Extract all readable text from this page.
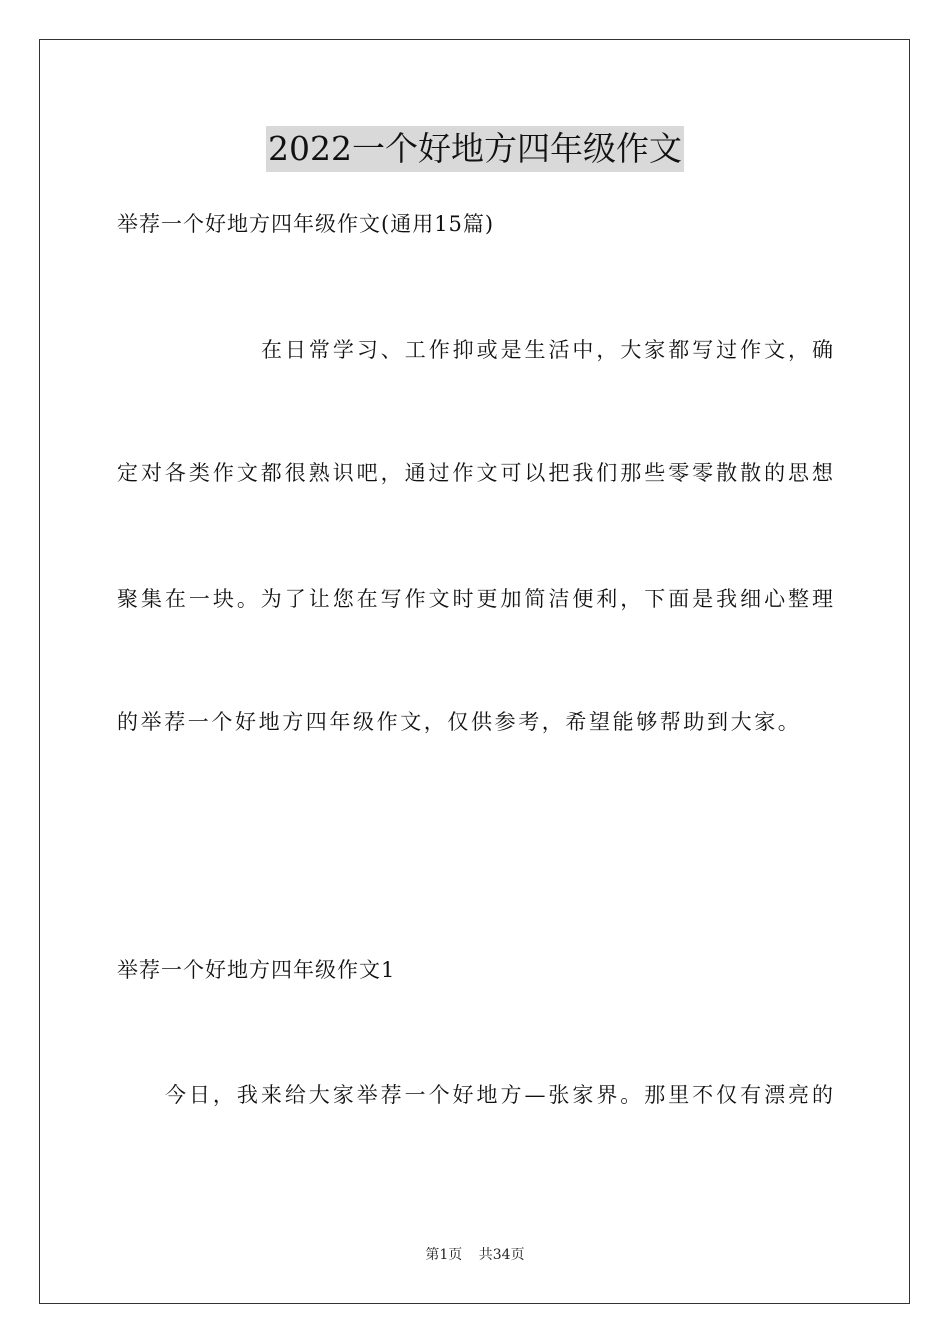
2022一个好地方四年级作文
举荐一个好地方四年级作文(通用15篇)
在日常学习、工作抑或是生活中，大家都写过作文，确
定对各类作文都很熟识吧，通过作文可以把我们那些零零散散的思想
聚集在一块。为了让您在写作文时更加简洁便利，下面是我细心整理
的举荐一个好地方四年级作文，仅供参考，希望能够帮助到大家。
举荐一个好地方四年级作文1
今日，我来给大家举荐一个好地方—张家界。那里不仅有漂亮的
第1页 共34页
